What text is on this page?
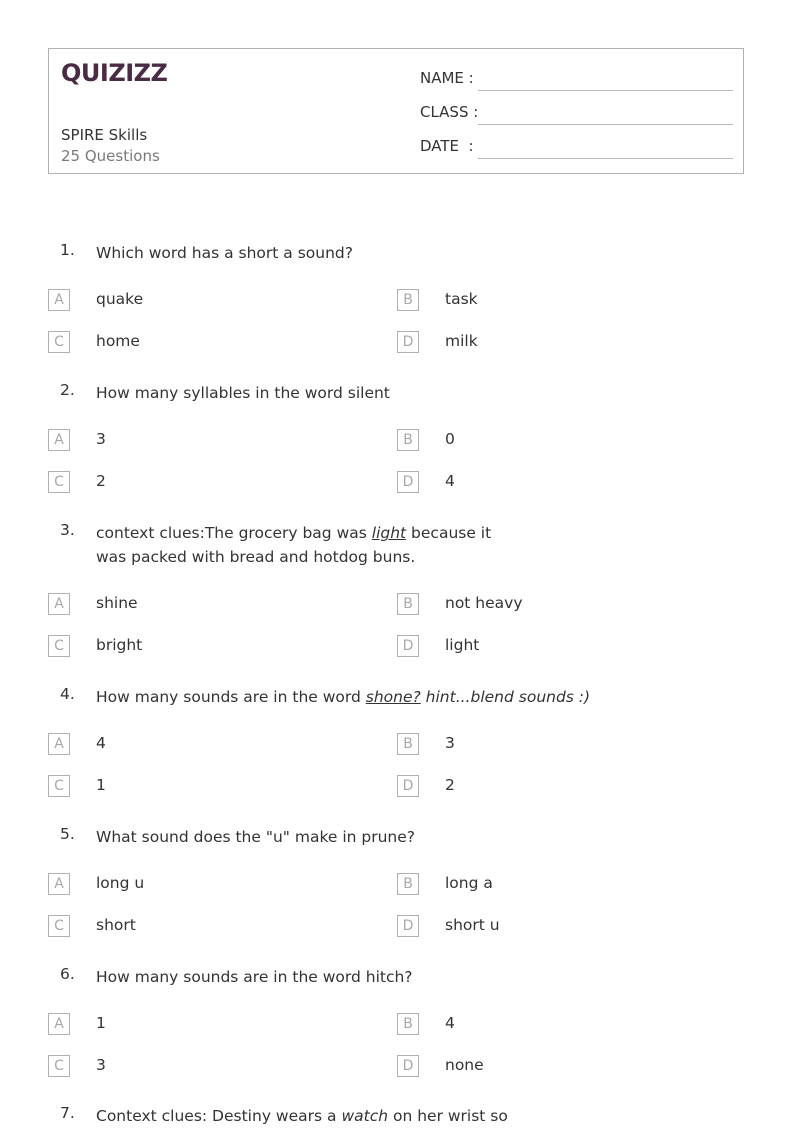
QUIZIZZ
SPIRE Skills
25 Questions
NAME :
CLASS :
DATE  :
1. Which word has a short a sound?
A	quake	B	task
C	home	D	milk
2. How many syllables in the word silent
A	3	B	0
C	2	D	4
3. context clues:The grocery bag was light because it was packed with bread and hotdog buns.
A	shine	B	not heavy
C	bright	D	light
4. How many sounds are in the word shone? hint...blend sounds :)
A	4	B	3
C	1	D	2
5. What sound does the "u" make in prune?
A	long u	B	long a
C	short	D	short u
6. How many sounds are in the word hitch?
A	1	B	4
C	3	D	none
7. Context clues: Destiny wears a watch on her wrist so
